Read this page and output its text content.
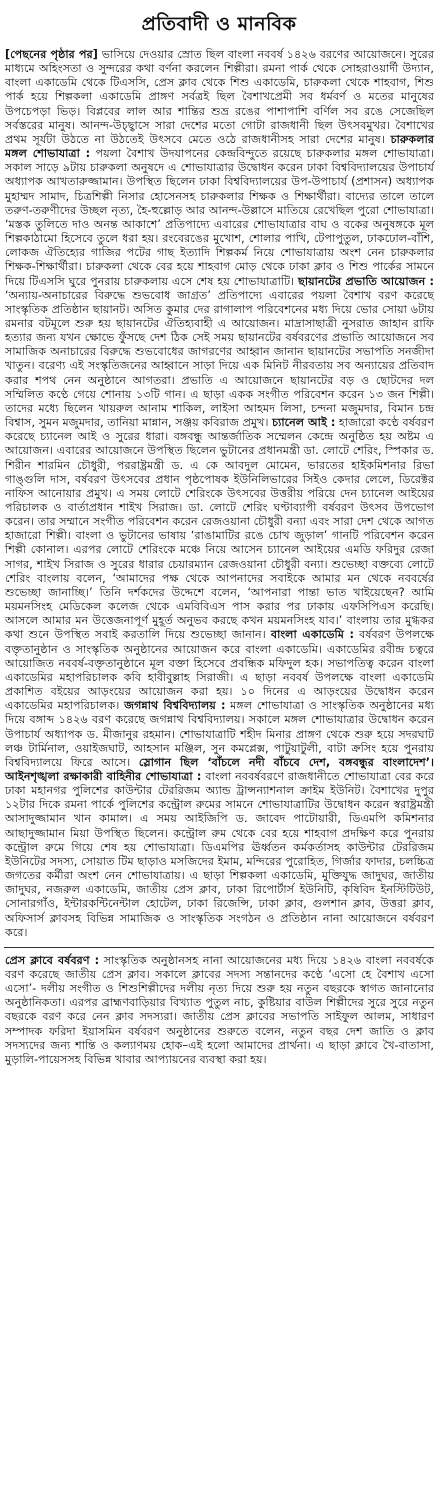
প্রতিবাদী ও মানবিক

[পেছনের পৃষ্ঠার পর] ভাসিয়ে দেওয়ার স্রোত ছিল বাংলা নববর্ষ ১৪২৬ বরণের আয়োজনে। সুরের মাধ্যমে অহিংসতা ও সুন্দরের কথা বর্ণনা করলেন শিল্পীরা। রমনা পার্ক থেকে সোহরাওয়ার্দী উদ্যান, বাংলা একাডেমি থেকে টিএসসি, প্রেস ক্লাব থেকে শিশু একাডেমি, চারুকলা থেকে শাহবাগ, শিশু পার্ক হয়ে শিল্পকলা একাডেমি প্রাঙ্গণ সর্বত্রই ছিল বৈশাখপ্রেমী সব ধর্মবর্ণ ও মতের মানুষের উপচেপড়া ভিড়। বিপ্লবের লাল আর শান্তির শুভ্র রঙের পাশাপাশি বর্ণিল সব রঙে সেজেছিল সর্বস্তরের মানুষ। আনন্দ-উচ্ছ্বাসে সারা দেশের মতো গোটা রাজধানী ছিল উৎসবমুখর। বৈশাখের প্রথম সূর্যটা উঠতে না উঠতেই উৎসবে মেতে ওঠে রাজধানীসহ সারা দেশের মানুষ। চারুকলার মঙ্গল শোভাযাত্রা : পয়লা বৈশাখ উদযাপনের কেন্দ্রবিন্দুতে রয়েছে চারুকলার মঙ্গল শোভাযাত্রা। সকাল সাড়ে ৯টায় চারুকলা অনুষদে এ শোভাযাত্রার উদ্বোধন করেন ঢাকা বিশ্ববিদ্যালয়ের উপাচার্য অধ্যাপক আখতারুজ্জামান। উপস্থিত ছিলেন ঢাকা বিশ্ববিদ্যালয়ের উপ-উপাচার্য (প্রশাসন) অধ্যাপক মুহাম্মদ সামাদ, চিত্রশিল্পী নিসার হোসেনসহ চারুকলার শিক্ষক ও শিক্ষার্থীরা। বাদ্যের তালে তালে তরুণ-তরুণীদের উচ্ছল নৃত্য, হৈ-হুল্লোড় আর আনন্দ-উল্লাসে মাতিয়ে রেখেছিল পুরো শোভাযাত্রা। ‘মস্তক তুলিতে দাও অনন্ত আকাশে’ প্রতিপাদ্যে এবারের শোভাযাত্রার বাঘ ও বকের অনুষঙ্গকে মূল শিল্পকাঠামো হিসেবে তুলে ধরা হয়। রংবেরঙের মুখোশ, শোলার পাখি, টেপাপুতুল, ঢাকঢোল-বাঁশি, লোকজ ঐতিহ্যের গাজির পটের গাছ ইত্যাদি শিল্পকর্ম নিয়ে শোভাযাত্রায় অংশ নেন চারুকলার শিক্ষক-শিক্ষার্থীরা। চারুকলা থেকে বের হয়ে শাহবাগ মোড় থেকে ঢাকা ক্লাব ও শিশু পার্কের সামনে দিয়ে টিএসসি ঘুরে পুনরায় চারুকলায় এসে শেষ হয় শোভাযাত্রাটি। ছায়ানটের প্রভাতি আয়োজন : ‘অন্যায়-অনাচারের বিরুদ্ধে শুভবোধ জাগ্রত’ প্রতিপাদ্যে এবারের পয়লা বৈশাখ বরণ করেছে সাংস্কৃতিক প্রতিষ্ঠান ছায়ানট। অসিত কুমার দের রাগালাপ পরিবেশনের মধ্য দিয়ে ভোর সোয়া ৬টায় রমনার বটমূলে শুরু হয় ছায়ানটের ঐতিহ্যবাহী এ আয়োজন। মাদ্রাসাছাত্রী নুসরাত জাহান রাফি হত্যার জন্য যখন ক্ষোভে ফুঁসছে দেশ ঠিক সেই সময় ছায়ানটের বর্ষবরণের প্রভাতি আয়োজনে সব সামাজিক অনাচারের বিরুদ্ধে শুভবোধের জাগরণের আহ্বান জানান ছায়ানটের সভাপতি সনজীদা খাতুন। বরেণ্য এই সংস্কৃতিজনের আহ্বানে সাড়া দিয়ে এক মিনিট নীরবতায় সব অন্যায়ের প্রতিবাদ করার শপথ নেন অনুষ্ঠানে আগতরা। প্রভাতি এ আয়োজনে ছায়ানটের বড় ও ছোটদের দল সম্মিলিত কণ্ঠে গেয়ে শোনায় ১৩টি গান। এ ছাড়া একক সংগীত পরিবেশন করেন ১৩ জন শিল্পী। তাদের মধ্যে ছিলেন খায়রুল আনাম শাকিল, লাইসা আহমদ লিসা, চন্দনা মজুমদার, বিমান চন্দ্র বিশ্বাস, সুমন মজুমদার, তানিয়া মান্নান, সঞ্জয় কবিরাজ প্রমুখ। চ্যানেল আই : হাজারো কণ্ঠে বর্ষবরণ করেছে চ্যানেল আই ও সুরের ধারা। বঙ্গবন্ধু আন্তর্জাতিক সম্মেলন কেন্দ্রে অনুষ্ঠিত হয় অষ্টম এ আয়োজন। এবারের আয়োজনে উপস্থিত ছিলেন ভুটানের প্রধানমন্ত্রী ডা. লোটে শেরিং, স্পিকার ড. শিরীন শারমিন চৌধুরী, পররাষ্ট্রমন্ত্রী ড. এ কে আবদুল মোমেন, ভারতের হাইকমিশনার রিভা গাঙ্গুলি দাস, বর্ষবরণ উৎসবের প্রধান পৃষ্ঠপোষক ইউনিলিভারের সিইও কেদার লেলে, ডিরেক্টর নাফিস আনোয়ার প্রমুখ। এ সময় লোটে শেরিংকে উৎসবের উত্তরীয় পরিয়ে দেন চ্যানেল আইয়ের পরিচালক ও বার্তাপ্রধান শাইখ সিরাজ। ডা. লোটে শেরিং ঘণ্টাব্যাপী বর্ষবরণ উৎসব উপভোগ করেন। তার সম্মানে সংগীত পরিবেশন করেন রেজওয়ানা চৌধুরী বন্যা এবং সারা দেশ থেকে আগত হাজারো শিল্পী। বাংলা ও ভুটানের ভাষায় ‘রাঙামাটির রঙে চোখ জুড়াল’ গানটি পরিবেশন করেন শিল্পী কোনাল। এরপর লোটে শেরিংকে মঞ্চে নিয়ে আসেন চ্যানেল আইয়ের এমডি ফরিদুর রেজা সাগর, শাইখ সিরাজ ও সুরের ধারার চেয়ারম্যান রেজওয়ানা চৌধুরী বন্যা। শুভেচ্ছা বক্তব্যে লোটে শেরিং বাংলায় বলেন, ‘আমাদের পক্ষ থেকে আপনাদের সবাইকে আমার মন থেকে নববর্ষের শুভেচ্ছা জানাচ্ছি।’ তিনি দর্শকদের উদ্দেশে বলেন, ‘আপনারা পান্তা ভাত খাইয়েছেন? আমি ময়মনসিংহ মেডিকেল কলেজ থেকে এমবিবিএস পাস করার পর ঢাকায় এফসিপিএস করেছি। আসলে আমার মন উত্তেজনাপূর্ণ মুহূর্ত অনুভব করছে কখন ময়মনসিংহ যাব।’ বাংলায় তার মুগ্ধকর কথা শুনে উপস্থিত সবাই করতালি দিয়ে শুভেচ্ছা জানান। বাংলা একাডেমি : বর্ষবরণ উপলক্ষে বক্তৃতানুষ্ঠান ও সাংস্কৃতিক অনুষ্ঠানের আয়োজন করে বাংলা একাডেমি। একাডেমির রবীন্দ্র চত্বরে আয়োজিত নববর্ষ-বক্তৃতানুষ্ঠানে মূল বক্তা হিসেবে প্রবন্ধিক মফিদুল হক। সভাপতিত্ব করেন বাংলা একাডেমির মহাপরিচালক কবি হাবীবুল্লাহ সিরাজী। এ ছাড়া নববর্ষ উপলক্ষে বাংলা একাডেমি প্রকাশিত বইয়ের আড়ংয়ের আয়োজন করা হয়। ১০ দিনের এ আড়ংয়ের উদ্বোধন করেন একাডেমির মহাপরিচালক। জগন্নাথ বিশ্ববিদ্যালয় : মঙ্গল শোভাযাত্রা ও সাংস্কৃতিক অনুষ্ঠানের মধ্য দিয়ে বঙ্গাব্দ ১৪২৬ বরণ করেছে জগন্নাথ বিশ্ববিদ্যালয়। সকালে মঙ্গল শোভাযাত্রার উদ্বোধন করেন উপাচার্য অধ্যাপক ড. মীজানুর রহমান। শোভাযাত্রাটি শহীদ মিনার প্রাঙ্গণ থেকে শুরু হয়ে সদরঘাট লঞ্চ টার্মিনাল, ওয়াইজঘাট, আহসান মঞ্জিল, সুন কমপ্লেক্স, পাটুয়াটুলী, বাটা ক্রসিং হয়ে পুনরায় বিশ্ববিদ্যালয়ে ফিরে আসে। স্লোগান ছিল ‘বাঁচলে নদী বাঁচবে দেশ, বঙ্গবন্ধুর বাংলাদেশ’। আইনশৃঙ্খলা রক্ষাকারী বাহিনীর শোভাযাত্রা : বাংলা নববর্ষবরণে রাজধানীতে শোভাযাত্রা বের করে ঢাকা মহানগর পুলিশের কাউন্টার টেররিজম অ্যান্ড ট্রান্সন্যাশনাল ক্রাইম ইউনিট। বৈশাখের দুপুর ১২টার দিকে রমনা পার্কে পুলিশের কন্ট্রোল রুমের সামনে শোভাযাত্রাটির উদ্বোধন করেন স্বরাষ্ট্রমন্ত্রী আসাদুজ্জামান খান কামাল। এ সময় আইজিপি ড. জাবেদ পাটোয়ারী, ডিএমপি কমিশনার আছাদুজ্জামান মিয়া উপস্থিত ছিলেন। কন্ট্রোল রুম থেকে বের হয়ে শাহবাগ প্রদক্ষিণ করে পুনরায় কন্ট্রোল রুমে গিয়ে শেষ হয় শোভাযাত্রা। ডিএমপির ঊর্ধ্বতন কর্মকর্তাসহ কাউন্টার টেররিজম ইউনিটের সদস্য, সোয়াত টিম ছাড়াও মসজিদের ইমাম, মন্দিরের পুরোহিত, গির্জার ফাদার, চলচ্চিত্র জগতের কর্মীরা অংশ নেন শোভাযাত্রায়। এ ছাড়া শিল্পকলা একাডেমি, মুক্তিযুদ্ধ জাদুঘর, জাতীয় জাদুঘর, নজরুল একাডেমি, জাতীয় প্রেস ক্লাব, ঢাকা রিপোর্টার্স ইউনিটি, কৃষিবিদ ইনস্টিটিউট, সোনারগাঁও, ইন্টারকন্টিনেন্টাল হোটেল, ঢাকা রিজেন্সি, ঢাকা ক্লাব, গুলশান ক্লাব, উত্তরা ক্লাব, অফিসার্স ক্লাবসহ বিভিন্ন সামাজিক ও সাংস্কৃতিক সংগঠন ও প্রতিষ্ঠান নানা আয়োজনে বর্ষবরণ করে।

প্রেস ক্লাবে বর্ষবরণ : সাংস্কৃতিক অনুষ্ঠানসহ নানা আয়োজনের মধ্য দিয়ে ১৪২৬ বাংলা নববর্ষকে বরণ করেছে জাতীয় প্রেস ক্লাব। সকালে ক্লাবের সদস্য সন্তানদের কণ্ঠে ‘এসো হে বৈশাখ এসো এসো’- দলীয় সংগীত ও শিশুশিল্পীদের দলীয় নৃত্য দিয়ে শুরু হয় নতুন বছরকে স্বাগত জানানোর অনুষ্ঠানিকতা। এরপর ব্রাহ্মণবাড়িয়ার বিখ্যাত পুতুল নাচ, কুষ্টিয়ার বাউল শিল্পীদের সুরে সুরে নতুন বছরকে বরণ করে নেন ক্লাব সদস্যরা। জাতীয় প্রেস ক্লাবের সভাপতি সাইফুল আলম, সাধারণ সম্পাদক ফরিদা ইয়াসমিন বর্ষবরণ অনুষ্ঠানের শুরুতে বলেন, নতুন বছর দেশ জাতি ও ক্লাব সদস্যদের জন্য শান্তি ও কল্যাণময় হোক–এই হলো আমাদের প্রার্থনা। এ ছাড়া ক্লাবে খৈ-বাতাসা, মুড়ালি-পায়েসসহ বিভিন্ন খাবার আপ্যায়নের ব্যবস্থা করা হয়।
